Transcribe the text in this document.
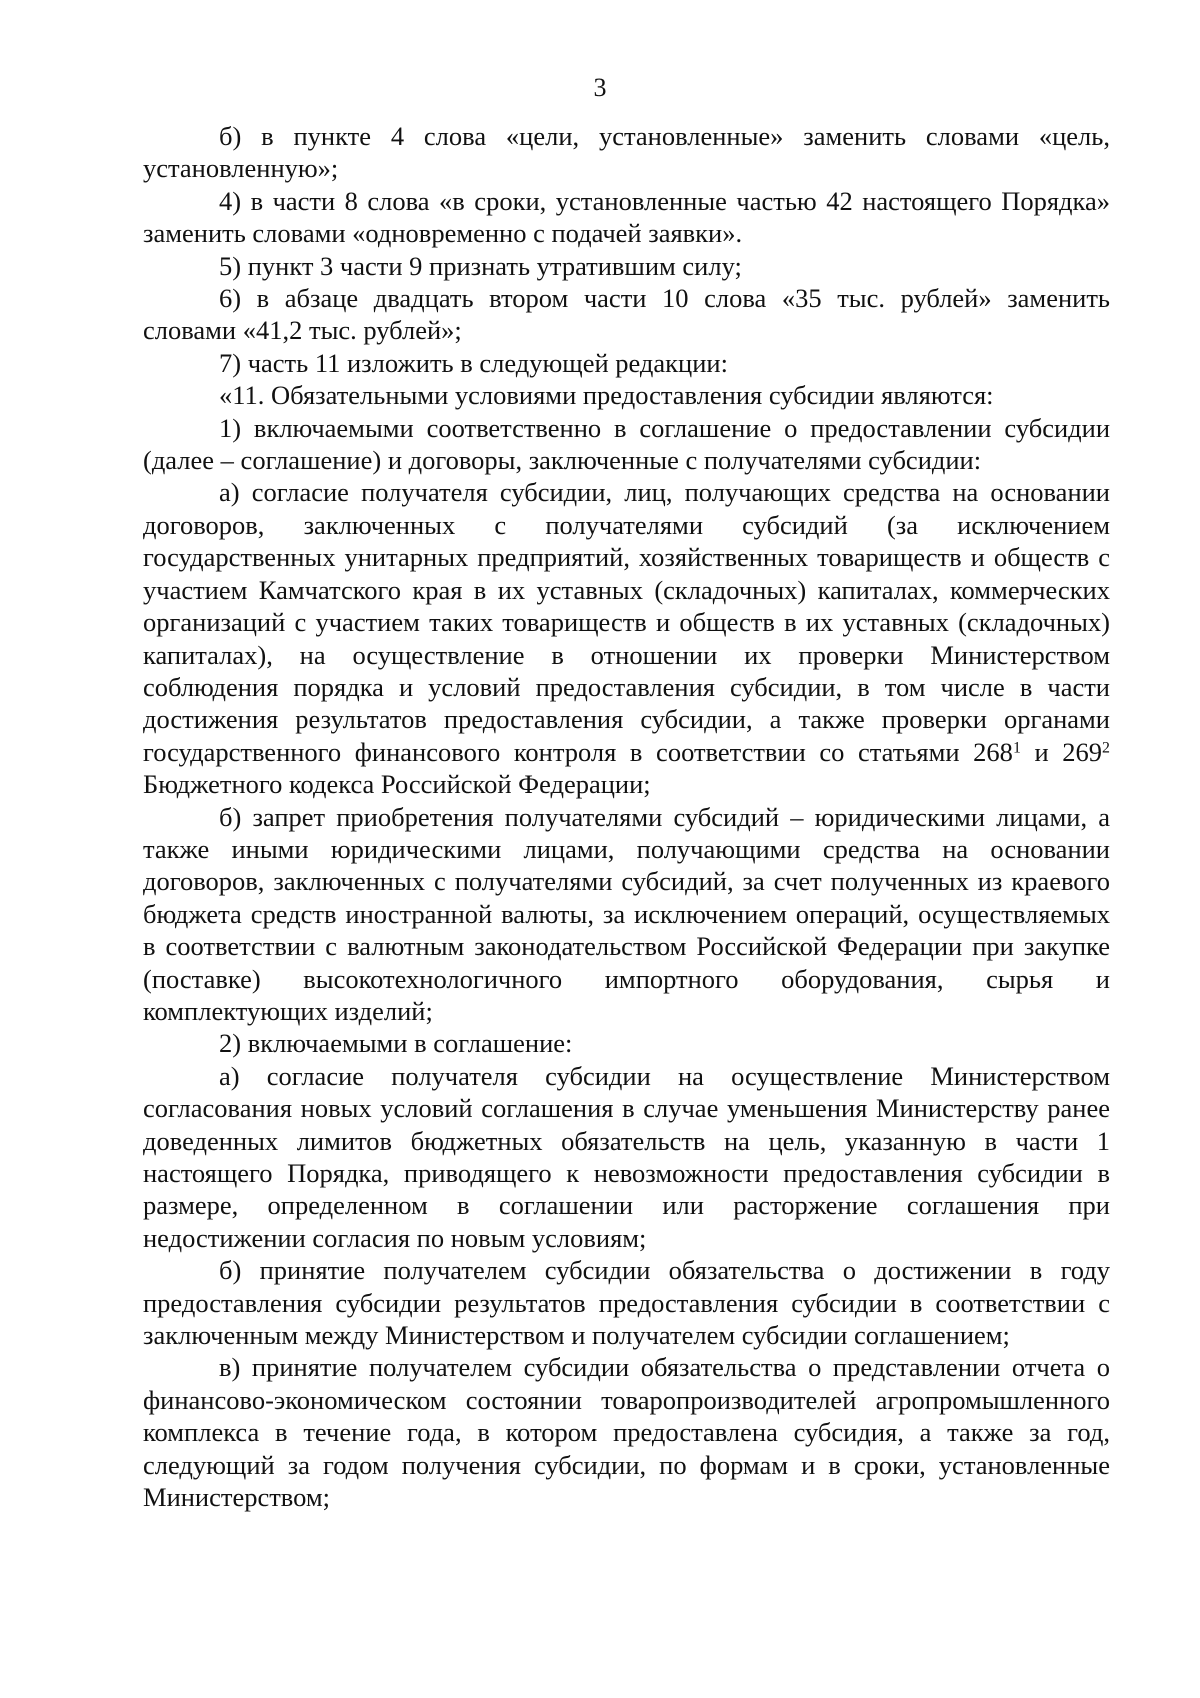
3

б) в пункте 4 слова «цели, установленные» заменить словами «цель, установленную»;

4) в части 8 слова «в сроки, установленные частью 42 настоящего Порядка» заменить словами «одновременно с подачей заявки».

5) пункт 3 части 9 признать утратившим силу;

6) в абзаце двадцать втором части 10 слова «35 тыс. рублей» заменить словами «41,2 тыс. рублей»;

7) часть 11 изложить в следующей редакции:

«11. Обязательными условиями предоставления субсидии являются:

1) включаемыми соответственно в соглашение о предоставлении субсидии (далее – соглашение) и договоры, заключенные с получателями субсидии:

а) согласие получателя субсидии, лиц, получающих средства на основании договоров, заключенных с получателями субсидий (за исключением государственных унитарных предприятий, хозяйственных товариществ и обществ с участием Камчатского края в их уставных (складочных) капиталах, коммерческих организаций с участием таких товариществ и обществ в их уставных (складочных) капиталах), на осуществление в отношении их проверки Министерством соблюдения порядка и условий предоставления субсидии, в том числе в части достижения результатов предоставления субсидии, а также проверки органами государственного финансового контроля в соответствии со статьями $268^1$ и $269^2$ Бюджетного кодекса Российской Федерации;

б) запрет приобретения получателями субсидий – юридическими лицами, а также иными юридическими лицами, получающими средства на основании договоров, заключенных с получателями субсидий, за счет полученных из краевого бюджета средств иностранной валюты, за исключением операций, осуществляемых в соответствии с валютным законодательством Российской Федерации при закупке (поставке) высокотехнологичного импортного оборудования, сырья и комплектующих изделий;

2) включаемыми в соглашение:

а) согласие получателя субсидии на осуществление Министерством согласования новых условий соглашения в случае уменьшения Министерству ранее доведенных лимитов бюджетных обязательств на цель, указанную в части 1 настоящего Порядка, приводящего к невозможности предоставления субсидии в размере, определенном в соглашении или расторжение соглашения при недостижении согласия по новым условиям;

б) принятие получателем субсидии обязательства о достижении в году предоставления субсидии результатов предоставления субсидии в соответствии с заключенным между Министерством и получателем субсидии соглашением;

в) принятие получателем субсидии обязательства о представлении отчета о финансово-экономическом состоянии товаропроизводителей агропромышленного комплекса в течение года, в котором предоставлена субсидия, а также за год, следующий за годом получения субсидии, по формам и в сроки, установленные Министерством;
